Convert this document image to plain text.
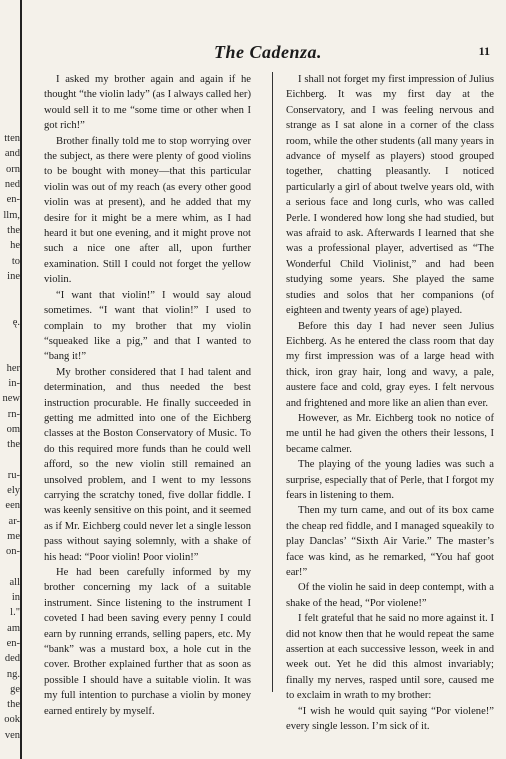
tten
and
orn
ned
en-
llm,
the
he
to
ine

ę.

her
in-
new
rn-
om
the

ru-
ely
een
ar-
me
on-

all
in
l."
am
en-
ded
ng.
ge
the
ook
ven
The Cadenza.	11

I asked my brother again and again if he thought “the violin lady” (as I always called her) would sell it to me “some time or other when I got rich!”

Brother finally told me to stop worrying over the subject, as there were plenty of good violins to be bought with money—that this particular violin was out of my reach (as every other good violin was at present), and he added that my desire for it might be a mere whim, as I had heard it but one evening, and it might prove not such a nice one after all, upon further examination. Still I could not forget the yellow violin.

“I want that violin!” I would say aloud sometimes. “I want that violin!” I used to complain to my brother that my violin “squeaked like a pig,” and that I wanted to “bang it!”

My brother considered that I had talent and determination, and thus needed the best instruction procurable. He finally succeeded in getting me admitted into one of the Eichberg classes at the Boston Conservatory of Music. To do this required more funds than he could well afford, so the new violin still remained an unsolved problem, and I went to my lessons carrying the scratchy toned, five dollar fiddle. I was keenly sensitive on this point, and it seemed as if Mr. Eichberg could never let a single lesson pass without saying solemnly, with a shake of his head: “Poor violin! Poor violin!”

He had been carefully informed by my brother concerning my lack of a suitable instrument. Since listening to the instrument I coveted I had been saving every penny I could earn by running errands, selling papers, etc. My “bank” was a mustard box, a hole cut in the cover. Brother explained further that as soon as possible I should have a suitable violin. It was my full intention to purchase a violin by money earned entirely by myself.

I shall not forget my first impression of Julius Eichberg. It was my first day at the Conservatory, and I was feeling nervous and strange as I sat alone in a corner of the class room, while the other students (all many years in advance of myself as players) stood grouped together, chatting pleasantly. I noticed particularly a girl of about twelve years old, with a serious face and long curls, who was called Perle. I wondered how long she had studied, but was afraid to ask. Afterwards I learned that she was a professional player, advertised as “The Wonderful Child Violinist,” and had been studying some years. She played the same studies and solos that her companions (of eighteen and twenty years of age) played.

Before this day I had never seen Julius Eichberg. As he entered the class room that day my first impression was of a large head with thick, iron gray hair, long and wavy, a pale, austere face and cold, gray eyes. I felt nervous and frightened and more like an alien than ever.

However, as Mr. Eichberg took no notice of me until he had given the others their lessons, I became calmer.

The playing of the young ladies was such a surprise, especially that of Perle, that I forgot my fears in listening to them.

Then my turn came, and out of its box came the cheap red fiddle, and I managed squeakily to play Danclas’ “Sixth Air Varie.” The master’s face was kind, as he remarked, “You haf goot ear!”

Of the violin he said in deep contempt, with a shake of the head, “Por violene!”

I felt grateful that he said no more against it. I did not know then that he would repeat the same assertion at each successive lesson, week in and week out. Yet he did this almost invariably; finally my nerves, rasped until sore, caused me to exclaim in wrath to my brother:

“I wish he would quit saying “Por violene!” every single lesson. I’m sick of it.
